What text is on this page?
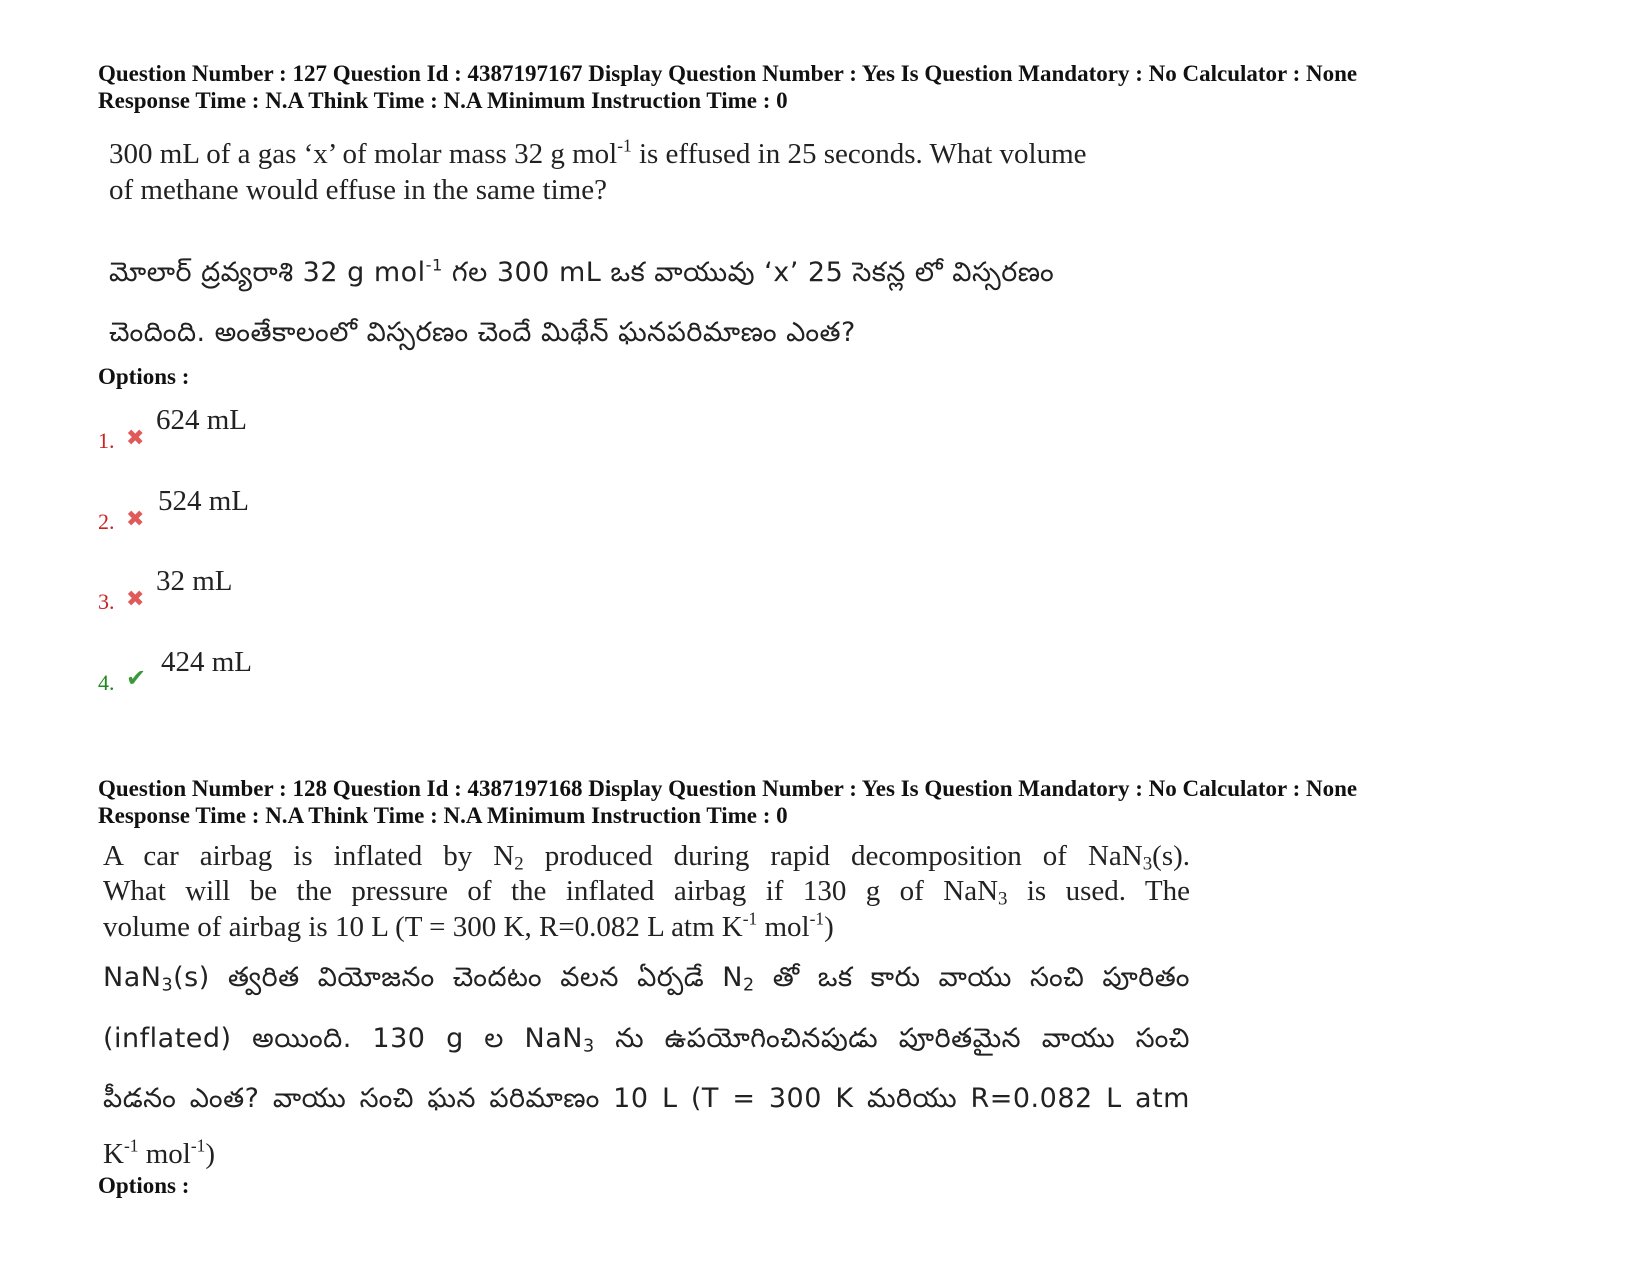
Question Number : 127 Question Id : 4387197167 Display Question Number : Yes Is Question Mandatory : No Calculator : None
Response Time : N.A Think Time : N.A Minimum Instruction Time : 0
300 mL of a gas ‘x’ of molar mass 32 g mol$^{-1}$ is effused in 25 seconds. What volume
of methane would effuse in the same time?
మోలార్ ద్రవ్యరాశి 32 g mol$^{-1}$ గల 300 mL ఒక వాయువు ‘x’ 25 సెకన్ల లో విస్సరణం
చెందింది. అంతేకాలంలో విస్సరణం చెందే మిథేన్ ఘనపరిమాణం ఎంత?
Options :
1. ✖
624 mL
2. ✖
524 mL
3. ✖
32 mL
4. ✔ 424 mL
Question Number : 128 Question Id : 4387197168 Display Question Number : Yes Is Question Mandatory : No Calculator : None
Response Time : N.A Think Time : N.A Minimum Instruction Time : 0
A car airbag is inflated by $N_2$ produced during rapid decomposition of NaN$_3$(s).
What will be the pressure of the inflated airbag if 130 g of NaN$_3$ is used. The
volume of airbag is 10 L (T = 300 K, R=0.082 L atm $K^{-1}$ mol$^{-1}$)
NaN$_3$(s) త్వరిత వియోజనం చెందటం వలన ఏర్పడే $N_2$ తో ఒక కారు వాయు సంచి పూరితం
(inflated) అయింది. 130 g ల NaN$_3$ ను ఉపయోగించినపుడు పూరితమైన వాయు సంచి
పీడనం ఎంత? వాయు సంచి ఘన పరిమాణం 10 L (T = 300 K మరియు R=0.082 L atm
$K^{-1}$ mol$^{-1}$)
Options :
